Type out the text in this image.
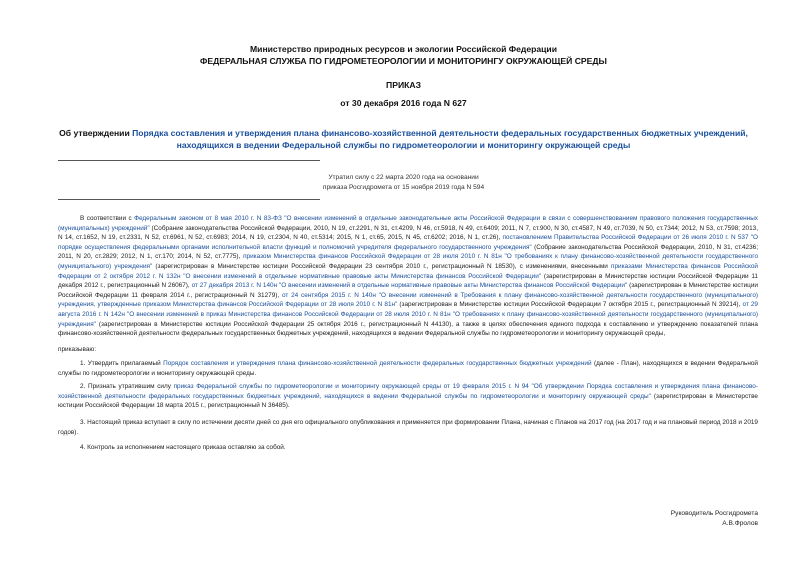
Министерство природных ресурсов и экологии Российской Федерации
ФЕДЕРАЛЬНАЯ СЛУЖБА ПО ГИДРОМЕТЕОРОЛОГИИ И МОНИТОРИНГУ ОКРУЖАЮЩЕЙ СРЕДЫ
ПРИКАЗ
от 30 декабря 2016 года N 627
Об утверждении Порядка составления и утверждения плана финансово-хозяйственной деятельности федеральных государственных бюджетных учреждений,
находящихся в ведении Федеральной службы по гидрометеорологии и мониторингу окружающей среды
Утратил силу с 22 марта 2020 года на основании
приказа Росгидромета от 15 ноября 2019 года N 594

В соответствии с Федеральным законом от 8 мая 2010 г. N 83-ФЗ "О внесении изменений в отдельные законодательные акты Российской Федерации в связи с совершенствованием правового положения государственных (муниципальных) учреждений" (Собрание законодательства Российской Федерации, 2010, N 19, ст.2291, N 31, ст.4209, N 46, ст.5918, N 49, ст.6409; 2011, N 7, ст.900, N 30, ст.4587, N 49, ст.7039, N 50, ст.7344; 2012, N 53, ст.7598; 2013, N 14, ст.1652, N 19, ст.2331, N 52, ст.6961, N 52, ст.6983; 2014, N 19, ст.2304, N 40, ст.5314; 2015, N 1, ст.65, 2015, N 45, ст.6202; 2016, N 1, ст.26), постановлением Правительства Российской Федерации от 26 июля 2010 г. N 537 "О порядке осуществления федеральными органами исполнительной власти функций и полномочий учредителя федерального государственного учреждения" (Собрание законодательства Российской Федерации, 2010, N 31, ст.4236; 2011, N 20, ст.2829; 2012, N 1, ст.170; 2014, N 52, ст.7775), приказом Министерства финансов Российской Федерации от 28 июля 2010 г. N 81н "О требованиях к плану финансово-хозяйственной деятельности государственного (муниципального) учреждения" (зарегистрирован в Министерстве юстиции Российской Федерации 23 сентября 2010 г., регистрационный N 18530), с изменениями, внесенными приказами Министерства финансов Российской Федерации от 2 октября 2012 г. N 132н "О внесении изменений в отдельные нормативные правовые акты Министерства финансов Российской Федерации" (зарегистрирован в Министерстве юстиции Российской Федерации 11 декабря 2012 г., регистрационный N 26067), от 27 декабря 2013 г. N 140н "О внесении изменений в отдельные нормативные правовые акты Министерства финансов Российской Федерации" (зарегистрирован в Министерстве юстиции Российской Федерации 11 февраля 2014 г., регистрационный N 31279), от 24 сентября 2015 г. N 140н "О внесении изменений в Требования к плану финансово-хозяйственной деятельности государственного (муниципального) учреждения, утвержденные приказом Министерства финансов Российской Федерации от 28 июля 2010 г. N 81н" (зарегистрирован в Министерстве юстиции Российской Федерации 7 октября 2015 г., регистрационный N 39214), от 29 августа 2016 г. N 142н "О внесении изменений в приказ Министерства финансов Российской Федерации от 28 июля 2010 г. N 81н "О требованиях к плану финансово-хозяйственной деятельности государственного (муниципального) учреждения" (зарегистрирован в Министерстве юстиции Российской Федерации 25 октября 2016 г., регистрационный N 44130), а также в целях обеспечения единого подхода к составлению и утверждению показателей плана финансово-хозяйственной деятельности федеральных государственных бюджетных учреждений, находящихся в ведении Федеральной службы по гидрометеорологии и мониторингу окружающей среды,

приказываю:

1. Утвердить прилагаемый Порядок составления и утверждения плана финансово-хозяйственной деятельности федеральных государственных бюджетных учреждений (далее - План), находящихся в ведении Федеральной службы по гидрометеорологии и мониторингу окружающей среды.

2. Признать утратившим силу приказ Федеральной службы по гидрометеорологии и мониторингу окружающей среды от 19 февраля 2015 г. N 94 "Об утверждении Порядка составления и утверждения плана финансово-хозяйственной деятельности федеральных государственных бюджетных учреждений, находящихся в ведении Федеральной службы по гидрометеорологии и мониторингу окружающей среды" (зарегистрирован в Министерстве юстиции Российской Федерации 18 марта 2015 г., регистрационный N 36485).

3. Настоящий приказ вступает в силу по истечении десяти дней со дня его официального опубликования и применяется при формировании Плана, начиная с Планов на 2017 год (на 2017 год и на плановый период 2018 и 2019 годов).

4. Контроль за исполнением настоящего приказа оставляю за собой.

Руководитель Росгидромета
А.В.Фролов
